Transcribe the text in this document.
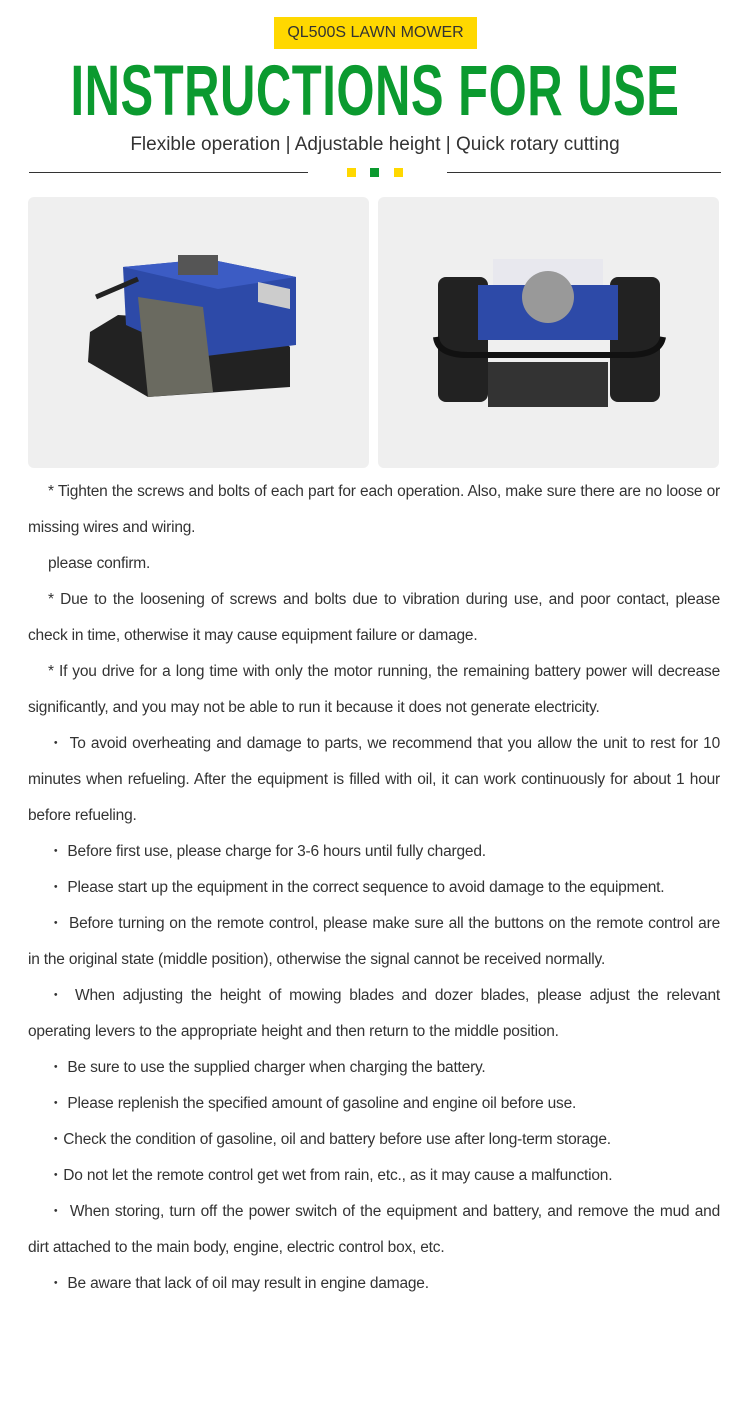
QL500S LAWN MOWER
INSTRUCTIONS FOR USE
Flexible operation | Adjustable height | Quick rotary cutting

* Tighten the screws and bolts of each part for each operation. Also, make sure there are no loose or missing wires and wiring.

please confirm.

* Due to the loosening of screws and bolts due to vibration during use, and poor contact, please check in time, otherwise it may cause equipment failure or damage.

* If you drive for a long time with only the motor running, the remaining battery power will decrease significantly, and you may not be able to run it because it does not generate electricity.

・ To avoid overheating and damage to parts, we recommend that you allow the unit to rest for 10 minutes when refueling. After the equipment is filled with oil, it can work continuously for about 1 hour before refueling.

・ Before first use, please charge for 3-6 hours until fully charged.

・ Please start up the equipment in the correct sequence to avoid damage to the equipment.

・ Before turning on the remote control, please make sure all the buttons on the remote control are in the original state (middle position), otherwise the signal cannot be received normally.

・ When adjusting the height of mowing blades and dozer blades, please adjust the relevant operating levers to the appropriate height and then return to the middle position.

・ Be sure to use the supplied charger when charging the battery.

・ Please replenish the specified amount of gasoline and engine oil before use.

・Check the condition of gasoline, oil and battery before use after long-term storage.

・Do not let the remote control get wet from rain, etc., as it may cause a malfunction.

・ When storing, turn off the power switch of the equipment and battery, and remove the mud and dirt attached to the main body, engine, electric control box, etc.

・ Be aware that lack of oil may result in engine damage.
